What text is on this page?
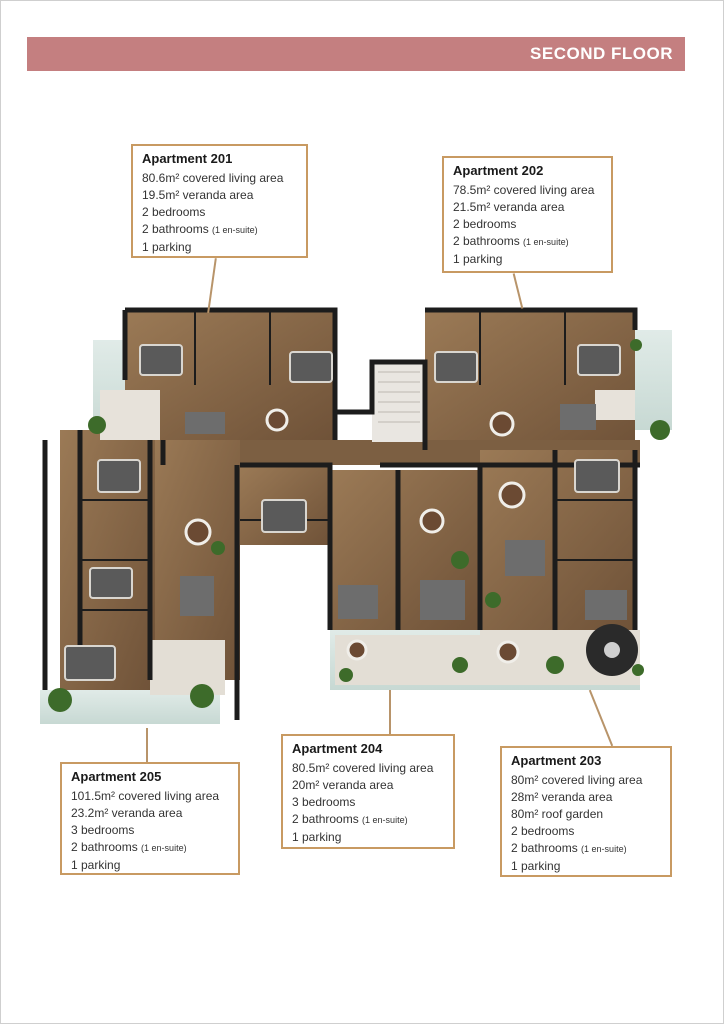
SECOND FLOOR
Apartment 201
80.6m² covered living area
19.5m² veranda area
2 bedrooms
2 bathrooms (1 en-suite)
1 parking
Apartment 202
78.5m² covered living area
21.5m² veranda area
2 bedrooms
2 bathrooms (1 en-suite)
1 parking
Apartment 205
101.5m² covered living area
23.2m² veranda area
3 bedrooms
2 bathrooms (1 en-suite)
1 parking
Apartment 204
80.5m² covered living area
20m² veranda area
3 bedrooms
2 bathrooms (1 en-suite)
1 parking
Apartment 203
80m² covered living area
28m² veranda area
80m² roof garden
2 bedrooms
2 bathrooms (1 en-suite)
1 parking
